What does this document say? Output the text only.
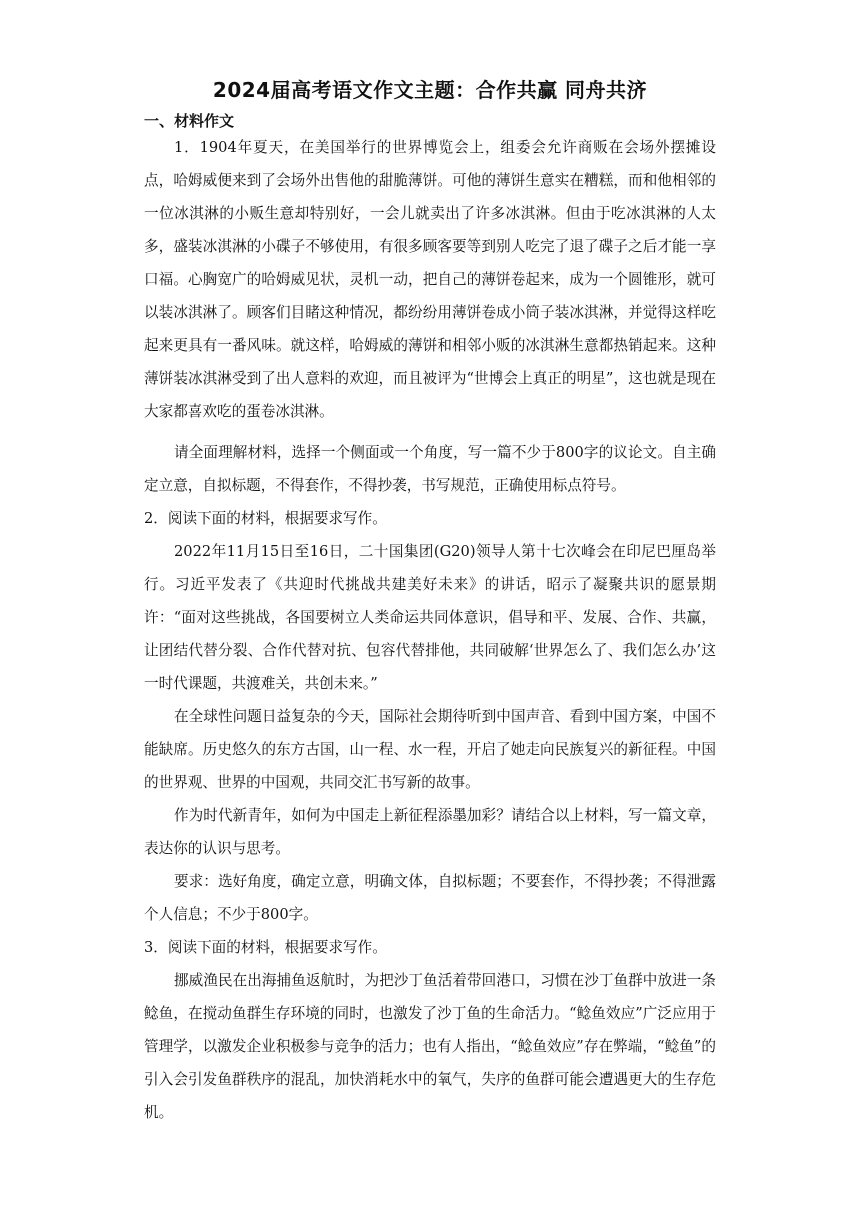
2024届高考语文作文主题：合作共赢 同舟共济
一、材料作文

1．1904年夏天，在美国举行的世界博览会上，组委会允许商贩在会场外摆摊设点，哈姆威便来到了会场外出售他的甜脆薄饼。可他的薄饼生意实在糟糕，而和他相邻的一位冰淇淋的小贩生意却特别好，一会儿就卖出了许多冰淇淋。但由于吃冰淇淋的人太多，盛装冰淇淋的小碟子不够使用，有很多顾客要等到别人吃完了退了碟子之后才能一享口福。心胸宽广的哈姆威见状，灵机一动，把自己的薄饼卷起来，成为一个圆锥形，就可以装冰淇淋了。顾客们目睹这种情况，都纷纷用薄饼卷成小筒子装冰淇淋，并觉得这样吃起来更具有一番风味。就这样，哈姆威的薄饼和相邻小贩的冰淇淋生意都热销起来。这种薄饼装冰淇淋受到了出人意料的欢迎，而且被评为“世博会上真正的明星”，这也就是现在大家都喜欢吃的蛋卷冰淇淋。

请全面理解材料，选择一个侧面或一个角度，写一篇不少于800字的议论文。自主确定立意，自拟标题，不得套作，不得抄袭，书写规范，正确使用标点符号。

2．阅读下面的材料，根据要求写作。

2022年11月15日至16日，二十国集团(G20)领导人第十七次峰会在印尼巴厘岛举行。习近平发表了《共迎时代挑战共建美好未来》的讲话，昭示了凝聚共识的愿景期许：“面对这些挑战，各国要树立人类命运共同体意识，倡导和平、发展、合作、共赢，让团结代替分裂、合作代替对抗、包容代替排他，共同破解‘世界怎么了、我们怎么办’这一时代课题，共渡难关，共创未来。”

在全球性问题日益复杂的今天，国际社会期待听到中国声音、看到中国方案，中国不能缺席。历史悠久的东方古国，山一程、水一程，开启了她走向民族复兴的新征程。中国的世界观、世界的中国观，共同交汇书写新的故事。

作为时代新青年，如何为中国走上新征程添墨加彩？请结合以上材料，写一篇文章，表达你的认识与思考。

要求：选好角度，确定立意，明确文体，自拟标题；不要套作，不得抄袭；不得泄露个人信息；不少于800字。

3．阅读下面的材料，根据要求写作。

挪威渔民在出海捕鱼返航时，为把沙丁鱼活着带回港口，习惯在沙丁鱼群中放进一条鲶鱼，在搅动鱼群生存环境的同时，也激发了沙丁鱼的生命活力。“鲶鱼效应”广泛应用于管理学，以激发企业积极参与竞争的活力；也有人指出，“鲶鱼效应”存在弊端，“鲶鱼”的引入会引发鱼群秩序的混乱，加快消耗水中的氧气，失序的鱼群可能会遭遇更大的生存危机。
